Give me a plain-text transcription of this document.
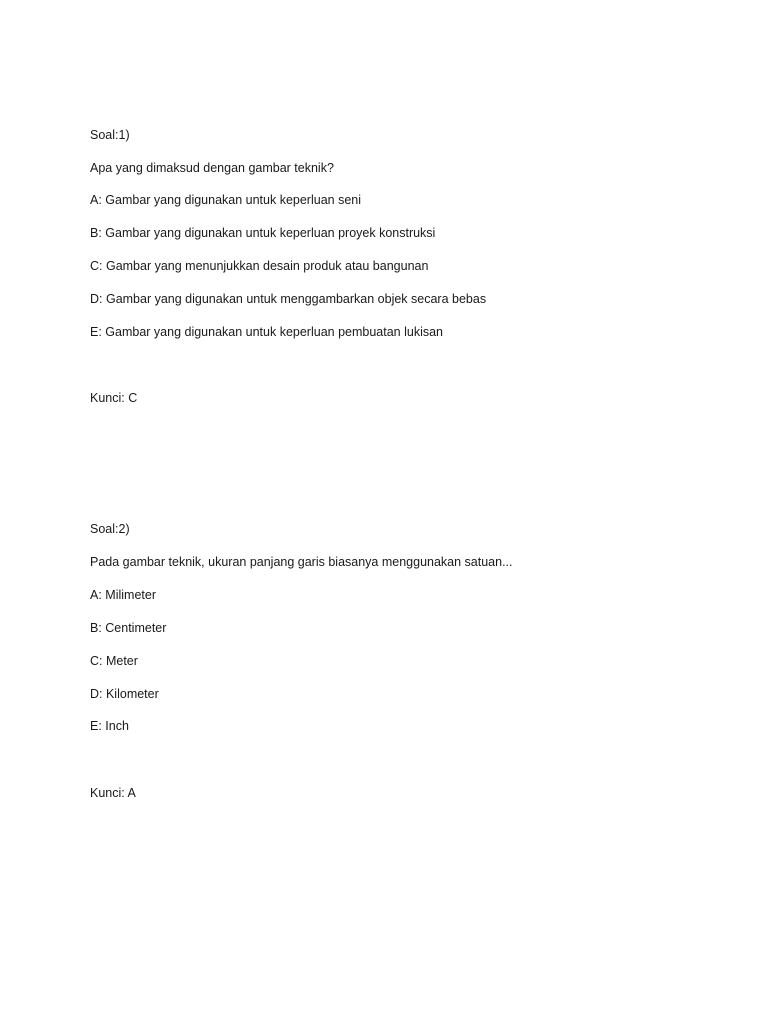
Soal:1)
Apa yang dimaksud dengan gambar teknik?
A: Gambar yang digunakan untuk keperluan seni
B: Gambar yang digunakan untuk keperluan proyek konstruksi
C: Gambar yang menunjukkan desain produk atau bangunan
D: Gambar yang digunakan untuk menggambarkan objek secara bebas
E: Gambar yang digunakan untuk keperluan pembuatan lukisan
Kunci: C
Soal:2)
Pada gambar teknik, ukuran panjang garis biasanya menggunakan satuan...
A: Milimeter
B: Centimeter
C: Meter
D: Kilometer
E: Inch
Kunci: A
